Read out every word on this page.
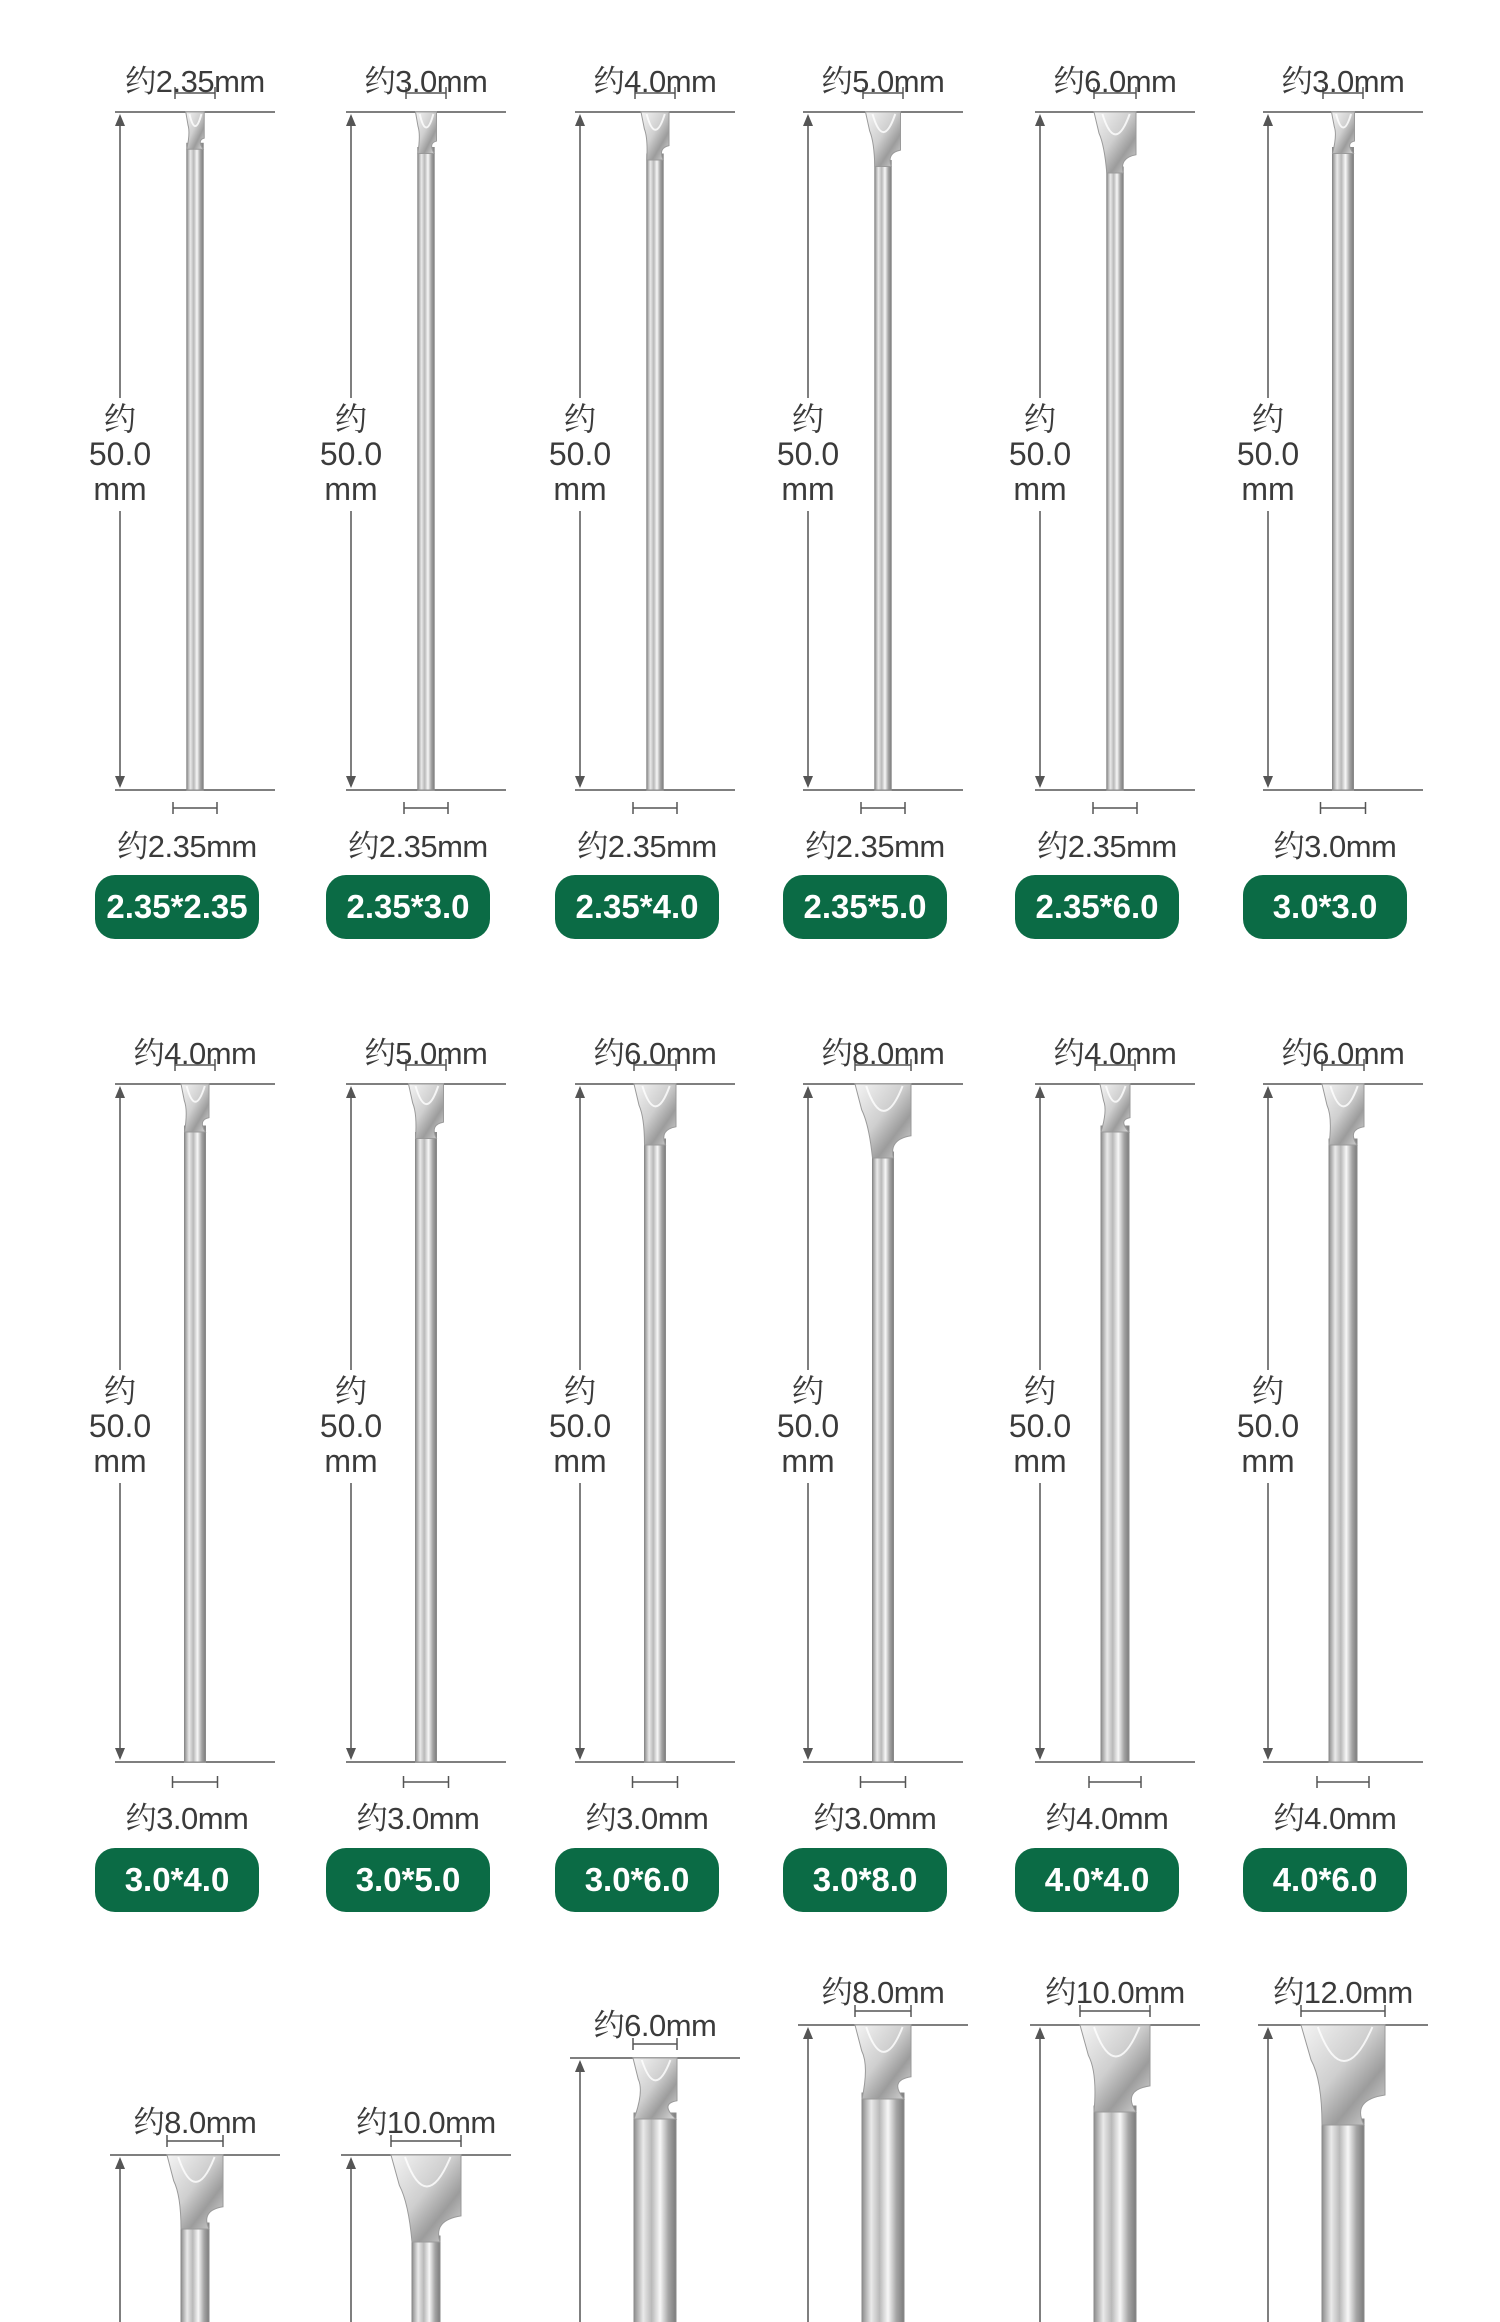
约2.35mm
约
50.0
mm
约2.35mm
2.35*2.35
约3.0mm
约
50.0
mm
约2.35mm
2.35*3.0
约4.0mm
约
50.0
mm
约2.35mm
2.35*4.0
约5.0mm
约
50.0
mm
约2.35mm
2.35*5.0
约6.0mm
约
50.0
mm
约2.35mm
2.35*6.0
约3.0mm
约
50.0
mm
约3.0mm
3.0*3.0
约4.0mm
约
50.0
mm
约3.0mm
3.0*4.0
约5.0mm
约
50.0
mm
约3.0mm
3.0*5.0
约6.0mm
约
50.0
mm
约3.0mm
3.0*6.0
约8.0mm
约
50.0
mm
约3.0mm
3.0*8.0
约4.0mm
约
50.0
mm
约4.0mm
4.0*4.0
约6.0mm
约
50.0
mm
约4.0mm
4.0*6.0
约8.0mm	约10.0mm
约6.0mm
约8.0mm	约10.0mm	约12.0mm
